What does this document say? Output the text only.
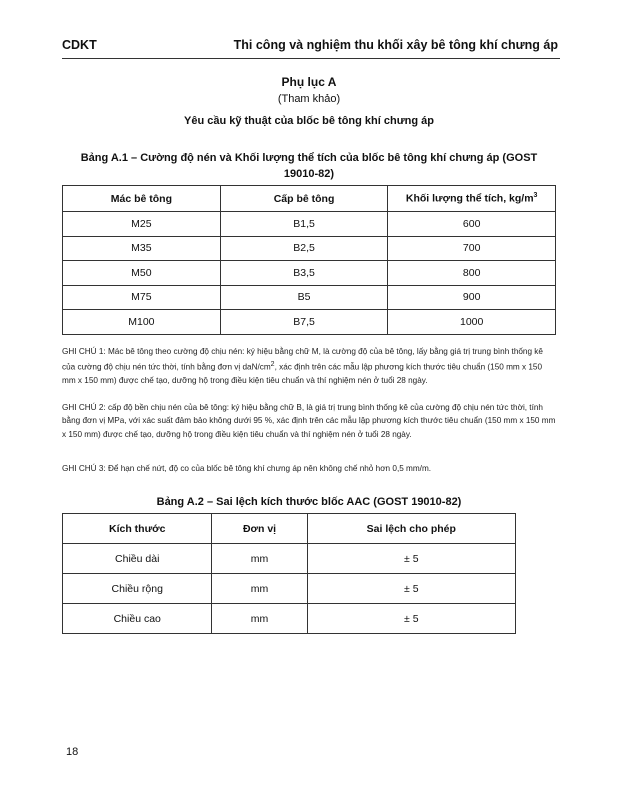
CDKT	Thi công và nghiệm thu khối xây bê tông khí chưng áp
Phụ lục A
(Tham khảo)
Yêu cầu kỹ thuật của blốc bê tông khí chưng áp
Bảng A.1 – Cường độ nén và Khối lượng thể tích của blốc bê tông khí chưng áp (GOST 19010-82)
Mác bê tông	Cấp bê tông	Khối lượng thể tích, $kg/m^3$
M25	B1,5	600
M35	B2,5	700
M50	B3,5	800
M75	B5	900
M100	B7,5	1000
GHI CHÚ 1: Mác bê tông theo cường độ chịu nén: ký hiệu bằng chữ M, là cường độ của bê tông, lấy bằng giá trị trung bình thống kê của cường độ chịu nén tức thời, tính bằng đơn vị daN/$cm^2$, xác định trên các mẫu lập phương kích thước tiêu chuẩn (150 mm x 150 mm x 150 mm) được chế tạo, dưỡng hộ trong điều kiện tiêu chuẩn và thí nghiệm nén ở tuổi 28 ngày.
GHI CHÚ 2: cấp độ bền chịu nén của bê tông: ký hiệu bằng chữ B, là giá trị trung bình thống kê của cường độ chịu nén tức thời, tính bằng đơn vị MPa, với xác suất đảm bảo không dưới 95 %, xác định trên các mẫu lập phương kích thước tiêu chuẩn (150 mm x 150 mm x 150 mm) được chế tạo, dưỡng hộ trong điều kiện tiêu chuẩn và thí nghiệm nén ở tuổi 28 ngày.
GHI CHÚ 3: Để hạn chế nứt, độ co của blốc bê tông khí chưng áp nên không chế nhỏ hơn 0,5 mm/m.
Bảng A.2 – Sai lệch kích thước blốc AAC (GOST 19010-82)
Kích thước	Đơn vị	Sai lệch cho phép
Chiều dài	mm	± 5
Chiều rộng	mm	± 5
Chiều cao	mm	± 5
18
